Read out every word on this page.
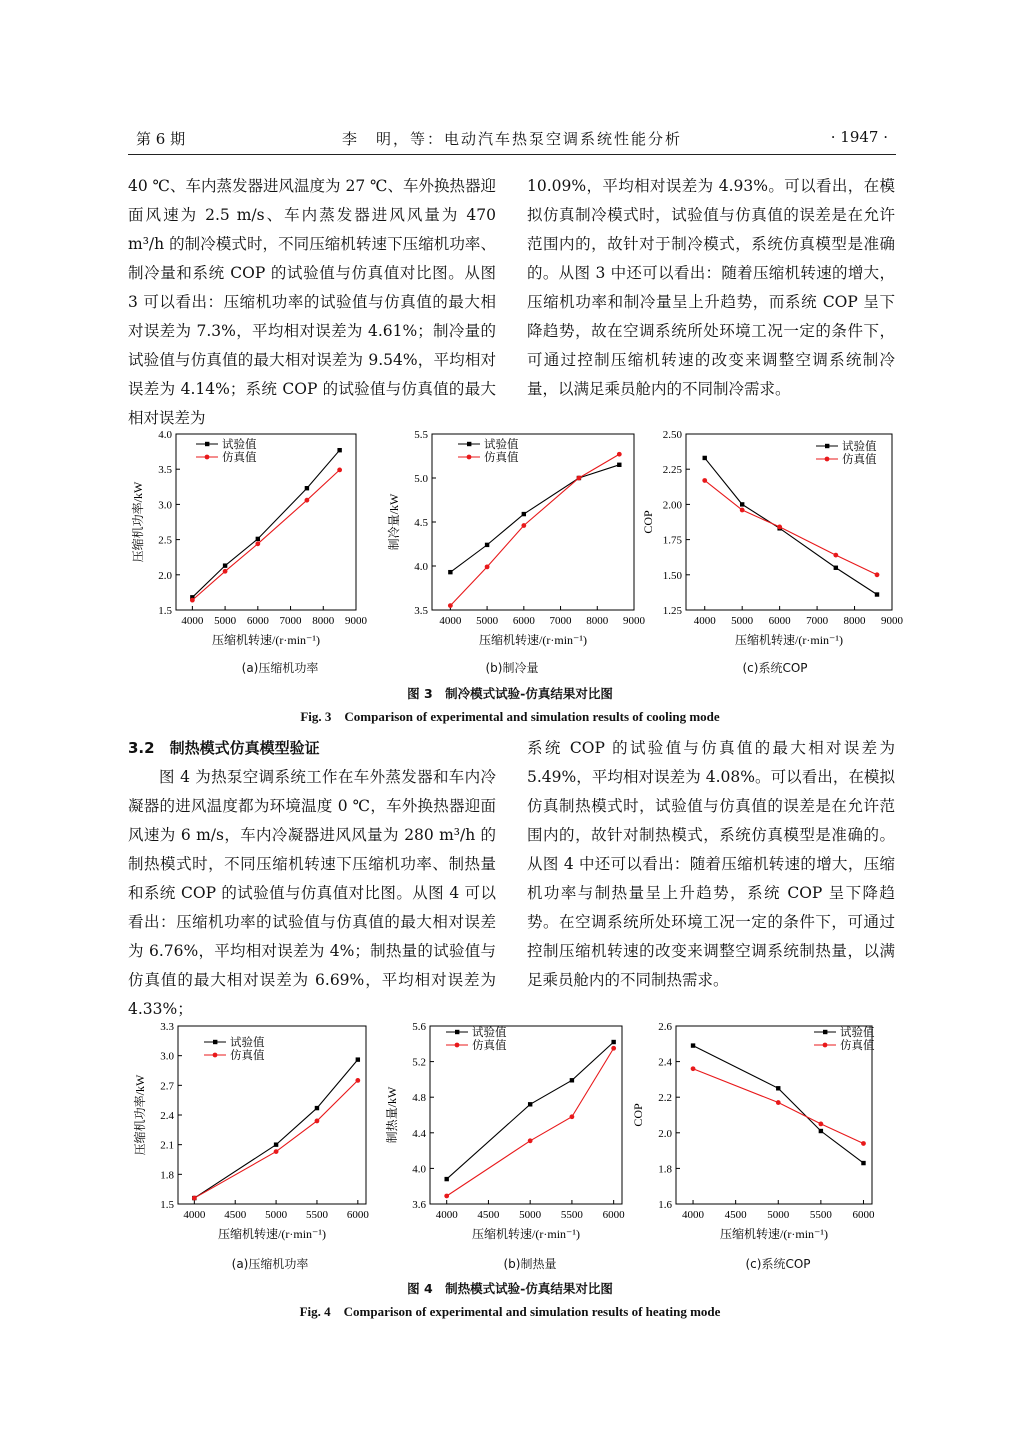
第 6 期	李　明，等：电动汽车热泵空调系统性能分析	· 1947 ·

40 ℃、车内蒸发器进风温度为 27 ℃、车外换热器迎面风速为 2.5 m/s、车内蒸发器进风风量为 470 m³/h 的制冷模式时，不同压缩机转速下压缩机功率、制冷量和系统 COP 的试验值与仿真值对比图。从图 3 可以看出：压缩机功率的试验值与仿真值的最大相对误差为 7.3%，平均相对误差为 4.61%；制冷量的试验值与仿真值的最大相对误差为 9.54%，平均相对误差为 4.14%；系统 COP 的试验值与仿真值的最大相对误差为

10.09%，平均相对误差为 4.93%。可以看出，在模拟仿真制冷模式时，试验值与仿真值的误差是在允许范围内的，故针对于制冷模式，系统仿真模型是准确的。从图 3 中还可以看出：随着压缩机转速的增大，压缩机功率和制冷量呈上升趋势，而系统 COP 呈下降趋势，故在空调系统所处环境工况一定的条件下，可通过控制压缩机转速的改变来调整空调系统制冷量，以满足乘员舱内的不同制冷需求。

4000 5000 6000 7000 8000 9000
1.5
2.0
2.5
3.0
3.5
4.0
压缩机转速/(r·min⁻¹)
压缩机功率/kW
试验值
仿真值
4000 5000 6000 7000 8000 9000
3.5
4.0
4.5
5.0
5.5
压缩机转速/(r·min⁻¹)
制冷量/kW
试验值
仿真值
4000 5000 6000 7000 8000 9000
1.25
1.50
1.75
2.00
2.25
2.50
压缩机转速/(r·min⁻¹)
COP
试验值
仿真值
(a)压缩机功率	(b)制冷量	(c)系统COP
图 3　制冷模式试验-仿真结果对比图
Fig. 3　Comparison of experimental and simulation results of cooling mode

3.2　制热模式仿真模型验证

图 4 为热泵空调系统工作在车外蒸发器和车内冷凝器的进风温度都为环境温度 0 ℃，车外换热器迎面风速为 6 m/s，车内冷凝器进风风量为 280 m³/h 的制热模式时，不同压缩机转速下压缩机功率、制热量和系统 COP 的试验值与仿真值对比图。从图 4 可以看出：压缩机功率的试验值与仿真值的最大相对误差为 6.76%，平均相对误差为 4%；制热量的试验值与仿真值的最大相对误差为 6.69%，平均相对误差为 4.33%；

系统 COP 的试验值与仿真值的最大相对误差为 5.49%，平均相对误差为 4.08%。可以看出，在模拟仿真制热模式时，试验值与仿真值的误差是在允许范围内的，故针对制热模式，系统仿真模型是准确的。从图 4 中还可以看出：随着压缩机转速的增大，压缩机功率与制热量呈上升趋势，系统 COP 呈下降趋势。在空调系统所处环境工况一定的条件下，可通过控制压缩机转速的改变来调整空调系统制热量，以满足乘员舱内的不同制热需求。

4000 4500 5000 5500 6000
1.5
1.8
2.1
2.4
2.7
3.0
3.3
压缩机转速/(r·min⁻¹)
压缩机功率/kW
试验值
仿真值
4000 4500 5000 5500 6000
3.6
4.0
4.4
4.8
5.2
5.6
压缩机转速/(r·min⁻¹)
制热量/kW
试验值
仿真值
4000 4500 5000 5500 6000
1.6
1.8
2.0
2.2
2.4
2.6
压缩机转速/(r·min⁻¹)
COP
试验值
仿真值
(a)压缩机功率	(b)制热量	(c)系统COP
图 4　制热模式试验-仿真结果对比图
Fig. 4　Comparison of experimental and simulation results of heating mode
